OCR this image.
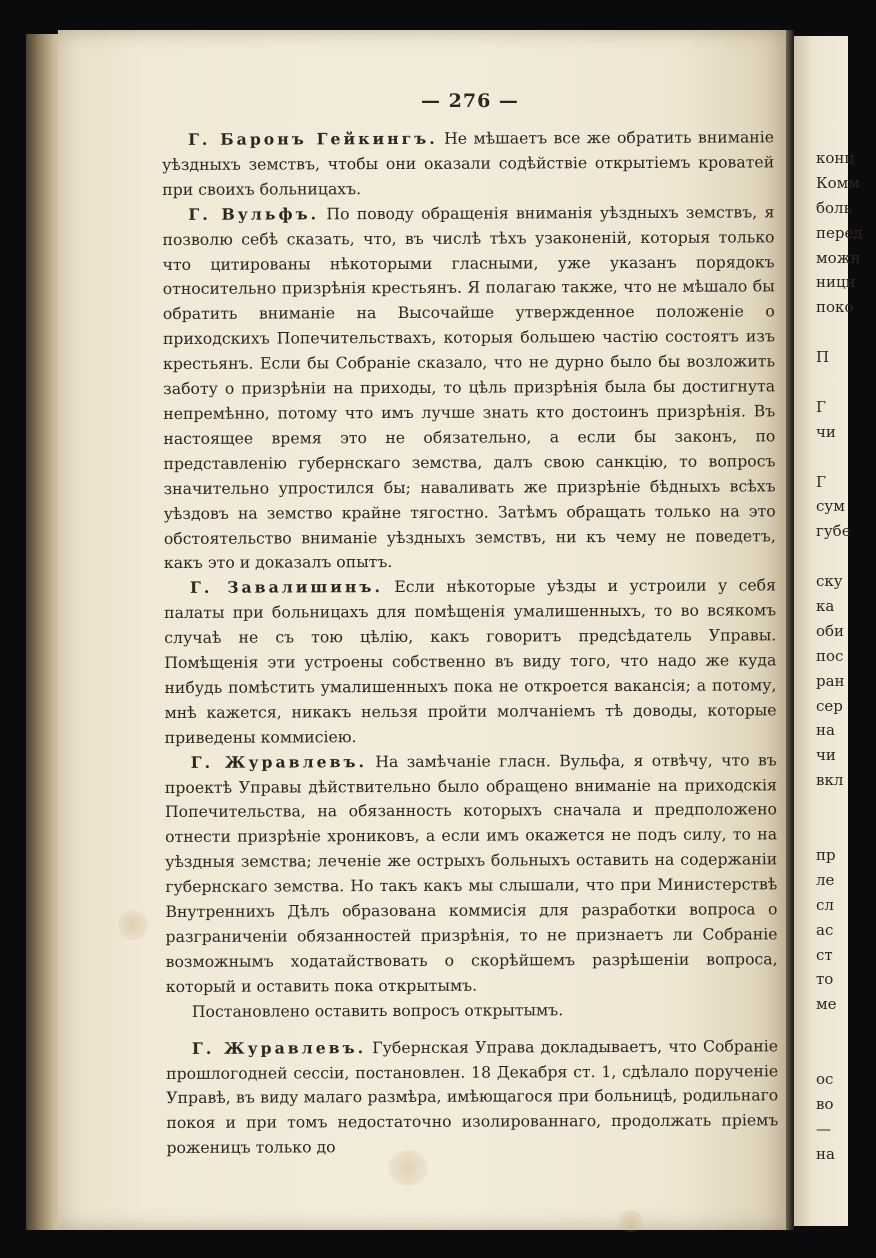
конц
Комм
боль
перед
можн
ници
поко
П
Г
чи
Г
сум
губе
ску
ка
оби
пос
ран
сер
на
чи
вкл
пр
ле
сл
ас
ст
то
ме
ос
во
—
на
— 276 —

Г. Баронъ Гейкингъ. Не мѣшаетъ все же обратить вниманіе уѣздныхъ земствъ, чтобы они оказали содѣйствіе открытіемъ кроватей при своихъ больницахъ.

Г. Вульфъ. По поводу обращенія вниманія уѣздныхъ земствъ, я позволю себѣ сказать, что, въ числѣ тѣхъ узаконеній, которыя только что цитированы нѣкоторыми гласными, уже указанъ порядокъ относительно призрѣнія крестьянъ. Я полагаю также, что не мѣшало бы обратить вниманіе на Высочайше утвержденное положеніе о приходскихъ Попечительствахъ, которыя большею частію состоятъ изъ крестьянъ. Если бы Собраніе сказало, что не дурно было бы возложить заботу о призрѣніи на приходы, то цѣль призрѣнія была бы достигнута непремѣнно, потому что имъ лучше знать кто достоинъ призрѣнія. Въ настоящее время это не обязательно, а если бы законъ, по представленію губернскаго земства, далъ свою санкцію, то вопросъ значительно упростился бы; наваливать же призрѣніе бѣдныхъ всѣхъ уѣздовъ на земство крайне тягостно. Затѣмъ обращать только на это обстоятельство вниманіе уѣздныхъ земствъ, ни къ чему не поведетъ, какъ это и доказалъ опытъ.

Г. Завалишинъ. Если нѣкоторые уѣзды и устроили у себя палаты при больницахъ для помѣщенія умалишенныхъ, то во всякомъ случаѣ не съ тою цѣлію, какъ говоритъ предсѣдатель Управы. Помѣщенія эти устроены собственно въ виду того, что надо же куда нибудь помѣстить умалишенныхъ пока не откроется вакансія; а потому, мнѣ кажется, никакъ нельзя пройти молчаніемъ тѣ доводы, которые приведены коммисіею.

Г. Журавлевъ. На замѣчаніе гласн. Вульфа, я отвѣчу, что въ проектѣ Управы дѣйствительно было обращено вниманіе на приходскія Попечительства, на обязанность которыхъ сначала и предположено отнести призрѣніе хрониковъ, а если имъ окажется не подъ силу, то на уѣздныя земства; леченіе же острыхъ больныхъ оставить на содержаніи губернскаго земства. Но такъ какъ мы слышали, что при Министерствѣ Внутреннихъ Дѣлъ образована коммисія для разработки вопроса о разграниченіи обязанностей призрѣнія, то не признаетъ ли Собраніе возможнымъ ходатайствовать о скорѣйшемъ разрѣшеніи вопроса, который и оставить пока открытымъ.

Постановлено оставить вопросъ открытымъ.

Г. Журавлевъ. Губернская Управа докладываетъ, что Собраніе прошлогодней сессіи, постановлен. 18 Декабря ст. 1, сдѣлало порученіе Управѣ, въ виду малаго размѣра, имѣющагося при больницѣ, родильнаго покоя и при томъ недостаточно изолированнаго, продолжать пріемъ роженицъ только до
